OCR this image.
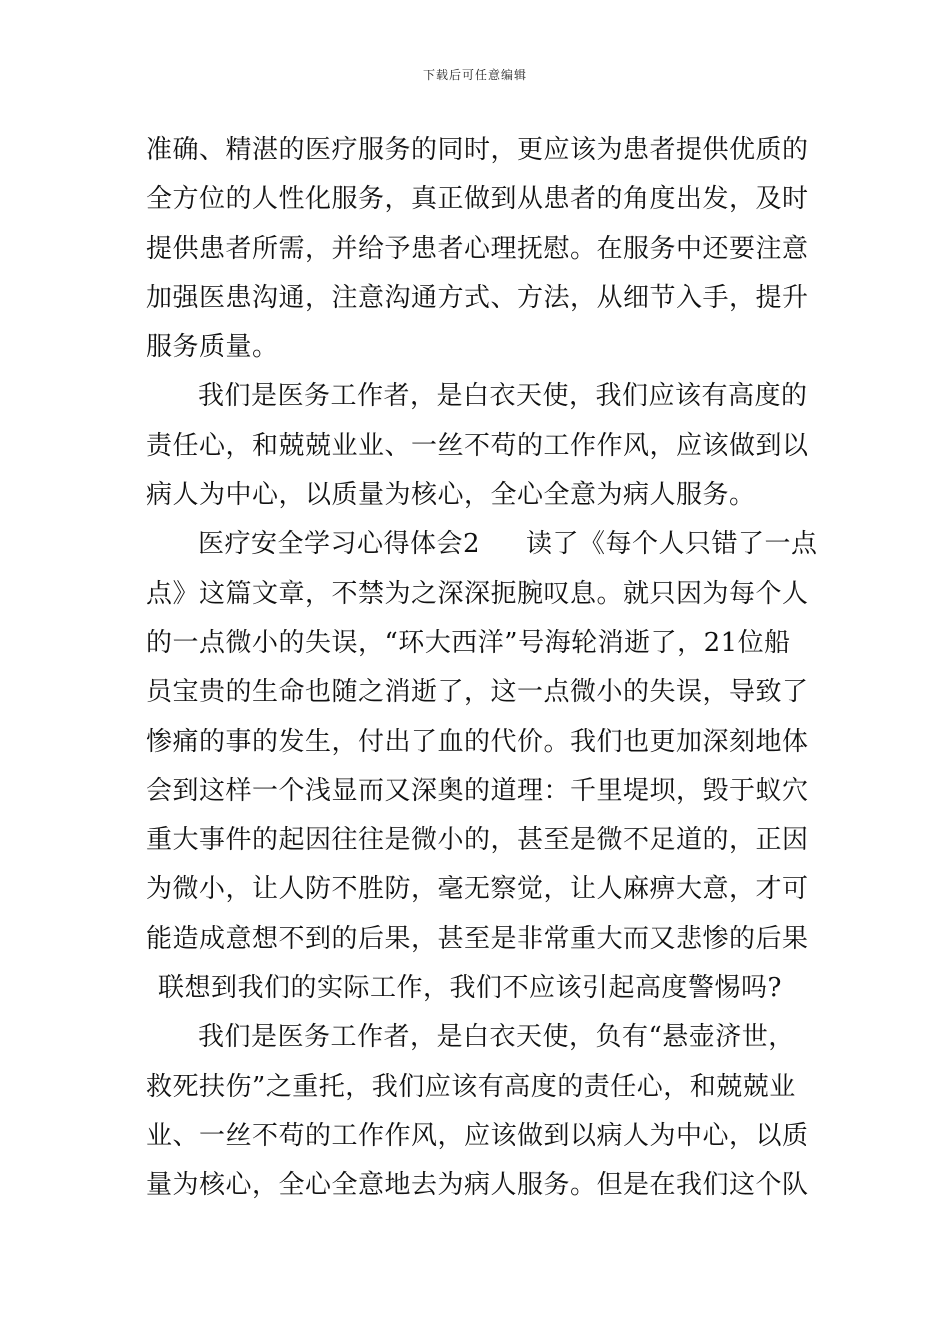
下载后可任意编辑
准确、精湛的医疗服务的同时，更应该为患者提供优质的
全方位的人性化服务，真正做到从患者的角度出发，及时
提供患者所需，并给予患者心理抚慰。在服务中还要注意
加强医患沟通，注意沟通方式、方法，从细节入手，提升
服务质量。
我们是医务工作者，是白衣天使，我们应该有高度的
责任心，和兢兢业业、一丝不苟的工作作风，应该做到以
病人为中心，以质量为核心，全心全意为病人服务。
医疗安全学习心得体会2 读了《每个人只错了一点
点》这篇文章，不禁为之深深扼腕叹息。就只因为每个人
的一点微小的失误，“环大西洋”号海轮消逝了，21位船
员宝贵的生命也随之消逝了，这一点微小的失误，导致了
惨痛的事的发生，付出了血的代价。我们也更加深刻地体
会到这样一个浅显而又深奥的道理：千里堤坝，毁于蚁穴
重大事件的起因往往是微小的，甚至是微不足道的，正因
为微小，让人防不胜防，毫无察觉，让人麻痹大意，才可
能造成意想不到的后果，甚至是非常重大而又悲惨的后果
联想到我们的实际工作，我们不应该引起高度警惕吗?
我们是医务工作者，是白衣天使，负有“悬壶济世，
救死扶伤”之重托，我们应该有高度的责任心，和兢兢业
业、一丝不苟的工作作风，应该做到以病人为中心，以质
量为核心，全心全意地去为病人服务。但是在我们这个队
